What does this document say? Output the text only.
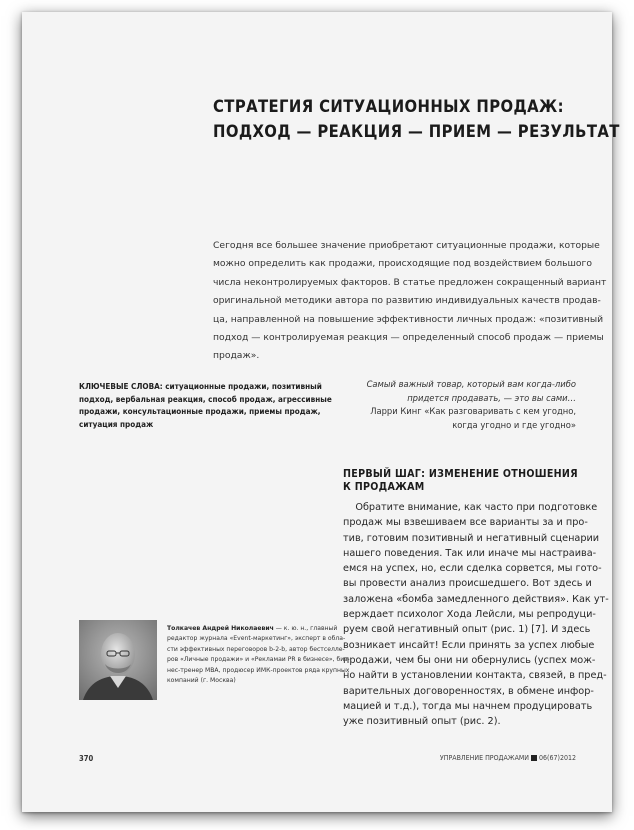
СТРАТЕГИЯ СИТУАЦИОННЫХ ПРОДАЖ:
ПОДХОД — РЕАКЦИЯ — ПРИЕМ — РЕЗУЛЬТАТ
Сегодня все большее значение приобретают ситуационные продажи, которые
можно определить как продажи, происходящие под воздействием большого
числа неконтролируемых факторов. В статье предложен сокращенный вариант
оригинальной методики автора по развитию индивидуальных качеств продав-
ца, направленной на повышение эффективности личных продаж: «позитивный
подход — контролируемая реакция — определенный способ продаж — приемы
продаж».
КЛЮЧЕВЫЕ СЛОВА: ситуационные продажи, позитивный
подход, вербальная реакция, способ продаж, агрессивные
продажи, консультационные продажи, приемы продаж,
ситуация продаж
Самый важный товар, который вам когда-либо
придется продавать, — это вы сами…
Ларри Кинг «Как разговаривать с кем угодно,
когда угодно и где угодно»
ПЕРВЫЙ ШАГ: ИЗМЕНЕНИЕ ОТНОШЕНИЯ
К ПРОДАЖАМ
Обратите внимание, как часто при подготовке
продаж мы взвешиваем все варианты за и про-
тив, готовим позитивный и негативный сценарии
нашего поведения. Так или иначе мы настраива-
емся на успех, но, если сделка сорвется, мы гото-
вы провести анализ происшедшего. Вот здесь и
заложена «бомба замедленного действия». Как ут-
верждает психолог Хода Лейсли, мы репродуци-
руем свой негативный опыт (рис. 1) [7]. И здесь
возникает инсайт! Если принять за успех любые
продажи, чем бы они ни обернулись (успех мож-
но найти в установлении контакта, связей, в пред-
варительных договоренностях, в обмене инфор-
мацией и т.д.), тогда мы начнем продуцировать
уже позитивный опыт (рис. 2).
Толкачев Андрей Николаевич — к. ю. н., главный
редактор журнала «Event-маркетинг», эксперт в обла-
сти эффективных переговоров b-2-b, автор бестселле-
ров «Личные продажи» и «Рекламаи PR в бизнесе», биз-
нес-тренер MBA, продюсер ИМК-проектов ряда крупных
компаний (г. Москва)
370	УПРАВЛЕНИЕ ПРОДАЖАМИ 06(67)2012
